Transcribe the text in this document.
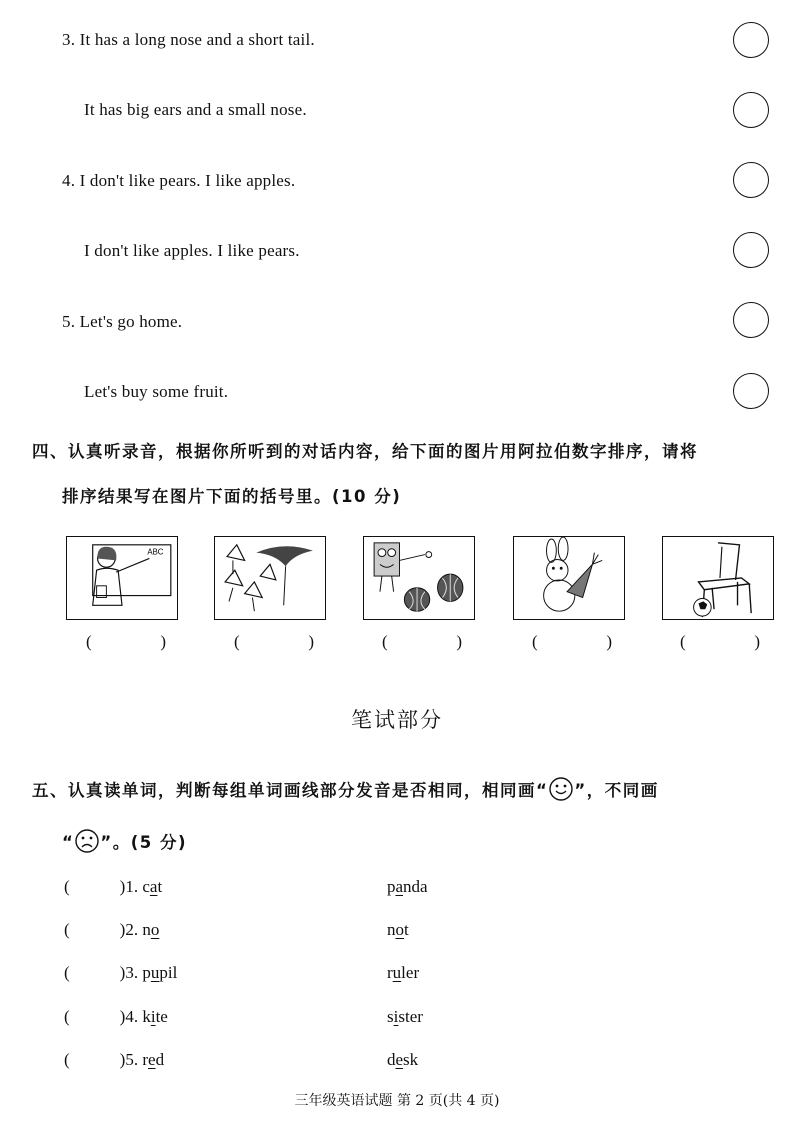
3. It has a long nose and a short tail.
It has big ears and a small nose.
4. I don't like pears. I like apples.
I don't like apples. I like pears.
5. Let's go home.
Let's buy some fruit.
四、认真听录音，根据你所听到的对话内容，给下面的图片用阿拉伯数字排序，请将
排序结果写在图片下面的括号里。(10 分)
ABC
(	)	(	)	(	)	(	)	(	)
笔试部分
五、认真读单词，判断每组单词画线部分发音是否相同，相同画“ ”，不同画
“ ”。(5 分)
(	)1. cat	panda
(	)2. no	not
(	)3. pupil	ruler
(	)4. kite	sister
(	)5. red	desk
三年级英语试题 第 2 页(共 4 页)
